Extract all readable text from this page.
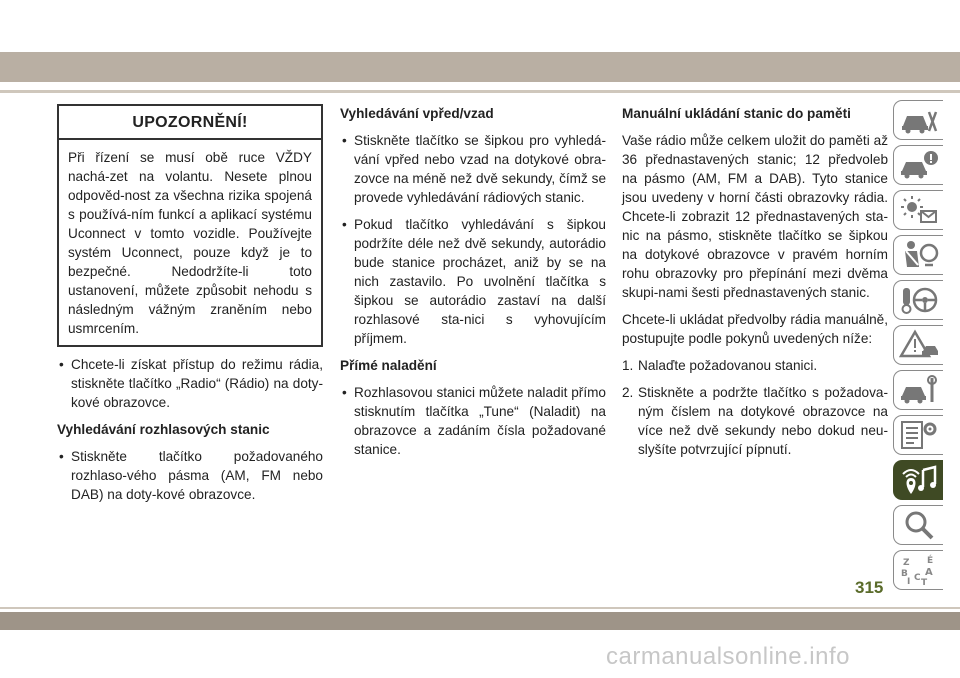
UPOZORNĚNÍ!
Při řízení se musí obě ruce VŽDY nachá-zet na volantu. Nesete plnou odpověd-nost za všechna rizika spojená s používá-ním funkcí a aplikací systému Uconnect v tomto vozidle. Používejte systém Uconnect, pouze když je to bezpečné. Nedodržíte-li toto ustanovení, můžete způsobit nehodu s následným vážným zraněním nebo usmrcením.
• Chcete-li získat přístup do režimu rádia, stiskněte tlačítko „Radio“ (Rádio) na doty-kové obrazovce.
Vyhledávání rozhlasových stanic
• Stiskněte tlačítko požadovaného rozhlaso-vého pásma (AM, FM nebo DAB) na doty-kové obrazovce.
Vyhledávání vpřed/vzad
• Stiskněte tlačítko se šipkou pro vyhledá-vání vpřed nebo vzad na dotykové obra-zovce na méně než dvě sekundy, čímž se provede vyhledávání rádiových stanic.
• Pokud tlačítko vyhledávání s šipkou podržíte déle než dvě sekundy, autorádio bude stanice procházet, aniž by se na nich zastavilo. Po uvolnění tlačítka s šipkou se autorádio zastaví na další rozhlasové sta-nici s vyhovujícím příjmem.
Přímé naladění
• Rozhlasovou stanici můžete naladit přímo stisknutím tlačítka „Tune“ (Naladit) na obrazovce a zadáním čísla požadované stanice.
Manuální ukládání stanic do paměti
Vaše rádio může celkem uložit do paměti až 36 přednastavených stanic; 12 předvoleb na pásmo (AM, FM a DAB). Tyto stanice jsou uvedeny v horní části obrazovky rádia. Chcete-li zobrazit 12 přednastavených sta-nic na pásmo, stiskněte tlačítko se šipkou na dotykové obrazovce v pravém horním rohu obrazovky pro přepínání mezi dvěma skupi-nami šesti přednastavených stanic.
Chcete-li ukládat předvolby rádia manuálně, postupujte podle pokynů uvedených níže:
1. Nalaďte požadovanou stanici.
2. Stiskněte a podržte tlačítko s požadova-ným číslem na dotykové obrazovce na více než dvě sekundy nebo dokud neu-slyšíte potvrzující pípnutí.
Z É
B A
I C T
315
carmanualsonline.info
